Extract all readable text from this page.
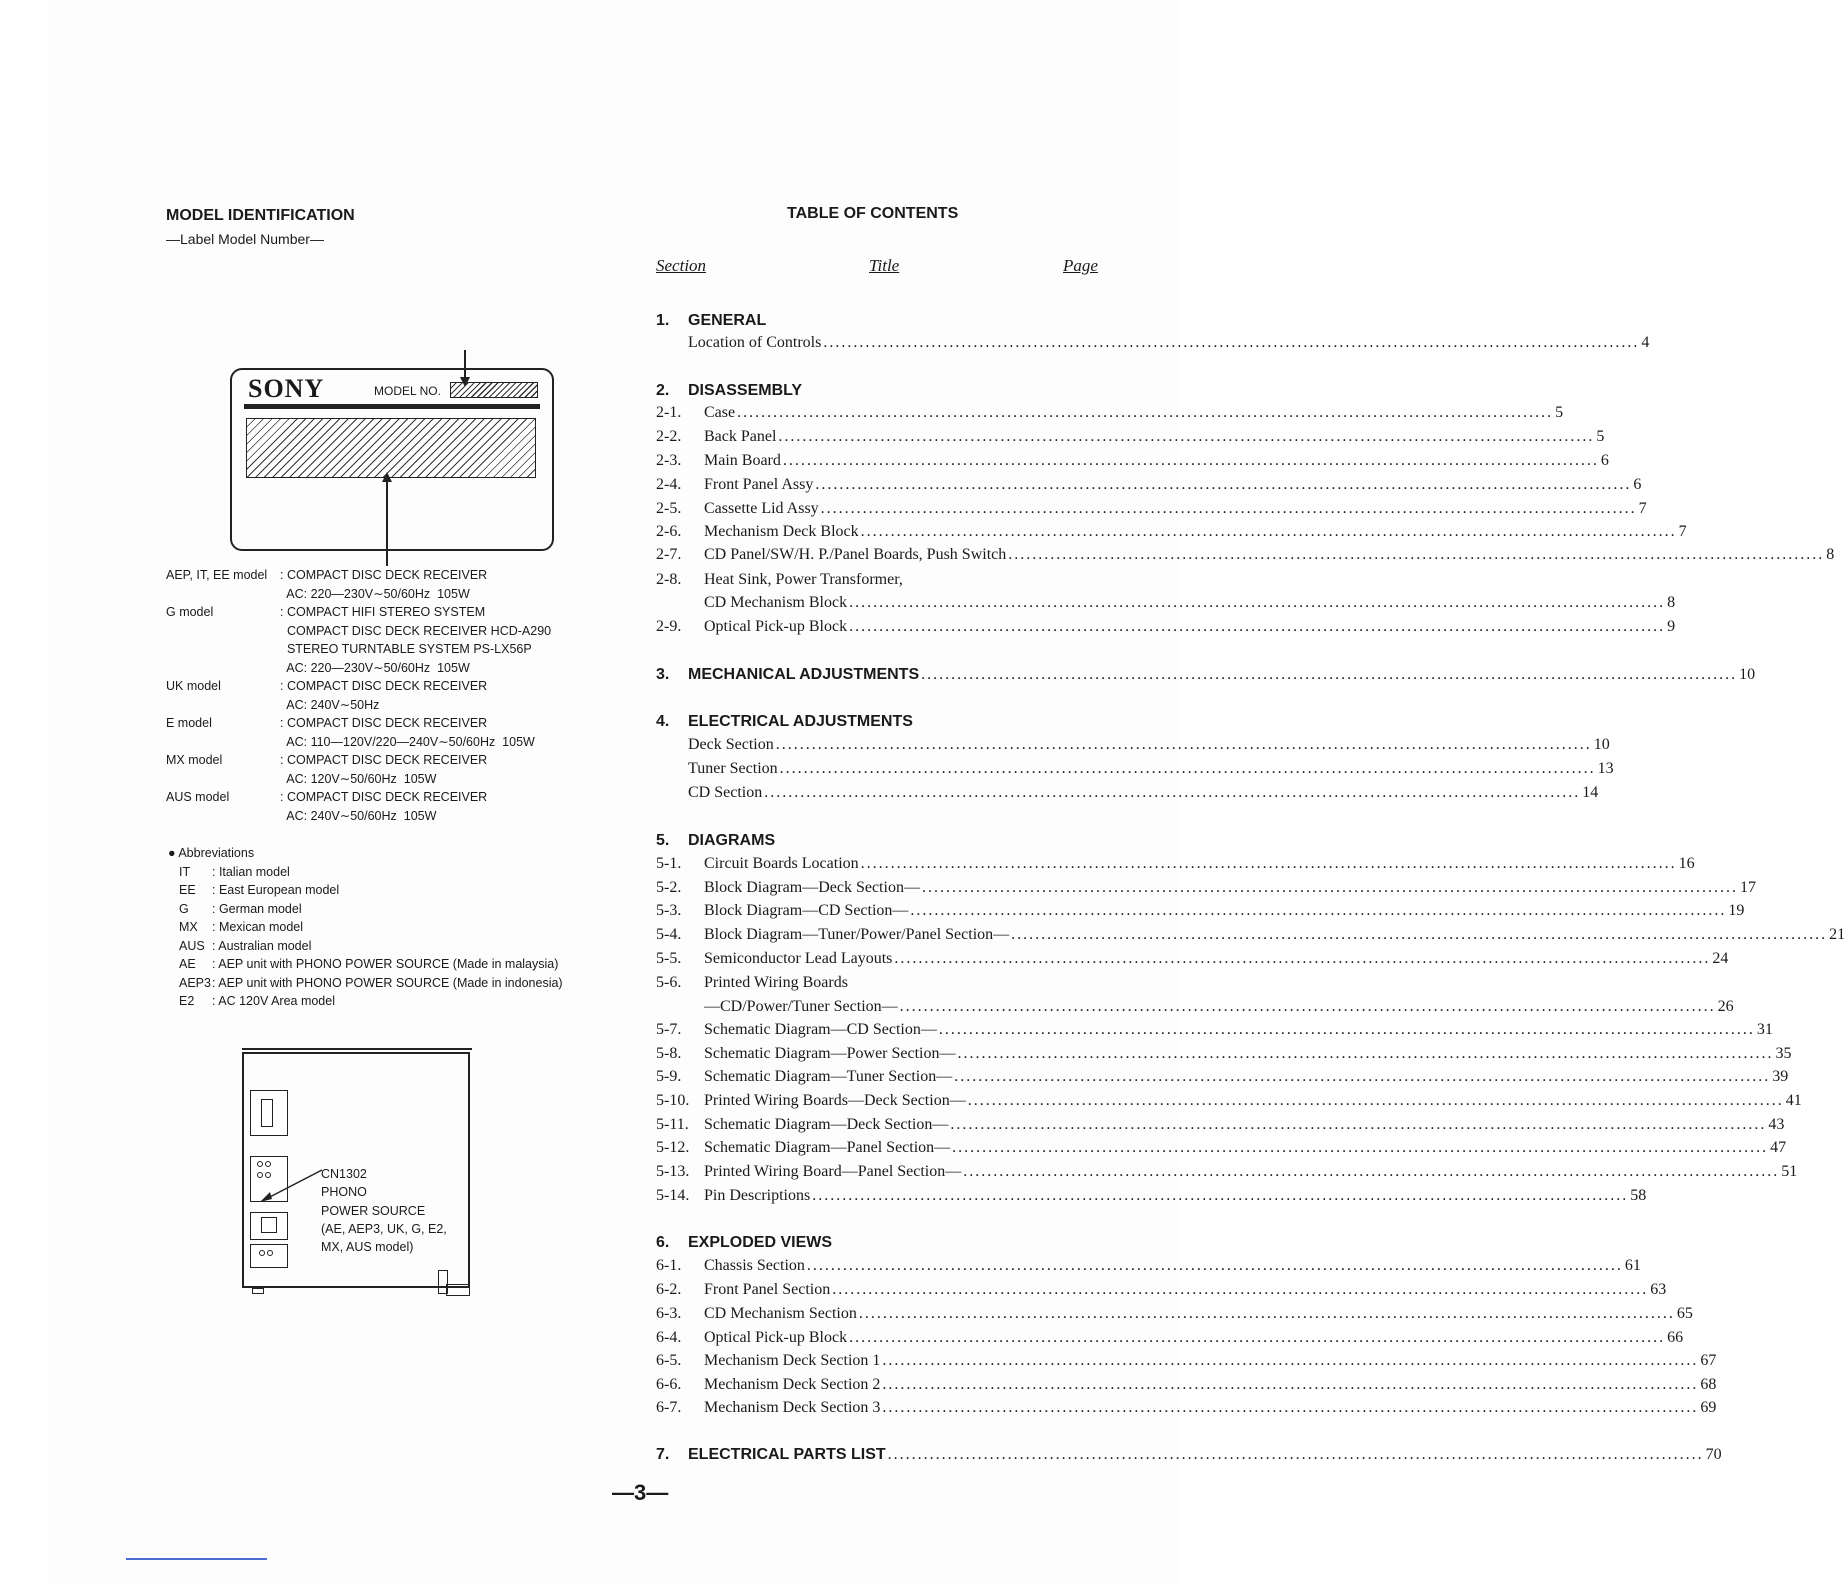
MODEL IDENTIFICATION
—Label Model Number—
SONY	MODEL NO.
AEP, IT, EE model	: COMPACT DISC DECK RECEIVER
AC: 220—230V∼50/60Hz  105W
G model	: COMPACT HIFI STEREO SYSTEM
COMPACT DISC DECK RECEIVER HCD-A290
STEREO TURNTABLE SYSTEM PS-LX56P
AC: 220—230V∼50/60Hz  105W
UK model	: COMPACT DISC DECK RECEIVER
AC: 240V∼50Hz
E model	: COMPACT DISC DECK RECEIVER
AC: 110—120V/220—240V∼50/60Hz  105W
MX model	: COMPACT DISC DECK RECEIVER
AC: 120V∼50/60Hz  105W
AUS model	: COMPACT DISC DECK RECEIVER
AC: 240V∼50/60Hz  105W
● Abbreviations
IT	: Italian model
EE	: East European model
G	: German model
MX	: Mexican model
AUS : Australian model
AE	: AEP unit with PHONO POWER SOURCE (Made in malaysia)
AEP3 : AEP unit with PHONO POWER SOURCE (Made in indonesia)
E2	: AC 120V Area model
CN1302
PHONO
POWER SOURCE
(AE, AEP3, UK, G, E2,
MX, AUS model)
TABLE OF CONTENTS
Section	Title	Page
1. GENERAL
Location of Controls .....	4
2. DISASSEMBLY
2-1.	Case .....	5
2-2.	Back Panel .....	5
2-3.	Main Board .....	6
2-4.	Front Panel Assy .....	6
2-5.	Cassette Lid Assy .....	7
2-6.	Mechanism Deck Block .....	7
2-7.	CD Panel/SW/H. P./Panel Boards, Push Switch .....	8
2-8.	Heat Sink, Power Transformer,
CD Mechanism Block .....	8
2-9.	Optical Pick-up Block .....	9
3. MECHANICAL ADJUSTMENTS .....	10
4. ELECTRICAL ADJUSTMENTS
Deck Section .....	10
Tuner Section .....	13
CD Section .....	14
5. DIAGRAMS
5-1.	Circuit Boards Location .....	16
5-2.	Block Diagram—Deck Section— .....	17
5-3.	Block Diagram—CD Section— .....	19
5-4.	Block Diagram—Tuner/Power/Panel Section— .....	21
5-5.	Semiconductor Lead Layouts .....	24
5-6.	Printed Wiring Boards
—CD/Power/Tuner Section— .....	26
5-7.	Schematic Diagram—CD Section— .....	31
5-8.	Schematic Diagram—Power Section— .....	35
5-9.	Schematic Diagram—Tuner Section— .....	39
5-10. Printed Wiring Boards—Deck Section— .....	41
5-11. Schematic Diagram—Deck Section— .....	43
5-12. Schematic Diagram—Panel Section— .....	47
5-13. Printed Wiring Board—Panel Section— .....	51
5-14. Pin Descriptions .....	58
6. EXPLODED VIEWS
6-1.	Chassis Section .....	61
6-2.	Front Panel Section .....	63
6-3.	CD Mechanism Section .....	65
6-4.	Optical Pick-up Block .....	66
6-5.	Mechanism Deck Section 1 .....	67
6-6.	Mechanism Deck Section 2 .....	68
6-7.	Mechanism Deck Section 3 .....	69
7. ELECTRICAL PARTS LIST .....	70
—3—
